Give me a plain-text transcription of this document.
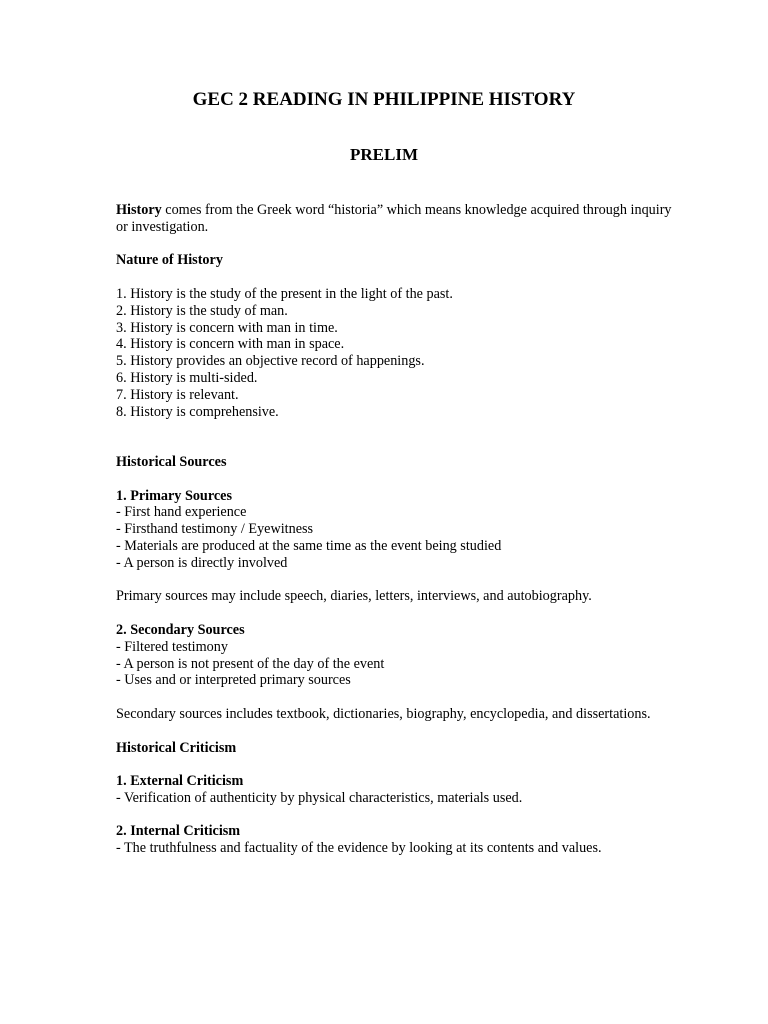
GEC 2 READING IN PHILIPPINE HISTORY
PRELIM

History comes from the Greek word “historia” which means knowledge acquired through inquiry or investigation.

Nature of History

1. History is the study of the present in the light of the past.
2. History is the study of man.
3. History is concern with man in time.
4. History is concern with man in space.
5. History provides an objective record of happenings.
6. History is multi-sided.
7. History is relevant.
8. History is comprehensive.

Historical Sources

1. Primary Sources

- First hand experience
- Firsthand testimony / Eyewitness
- Materials are produced at the same time as the event being studied
- A person is directly involved

Primary sources may include speech, diaries, letters, interviews, and autobiography.

2. Secondary Sources

- Filtered testimony
- A person is not present of the day of the event
- Uses and or interpreted primary sources

Secondary sources includes textbook, dictionaries, biography, encyclopedia, and dissertations.

Historical Criticism

1. External Criticism

- Verification of authenticity by physical characteristics, materials used.

2. Internal Criticism

- The truthfulness and factuality of the evidence by looking at its contents and values.
